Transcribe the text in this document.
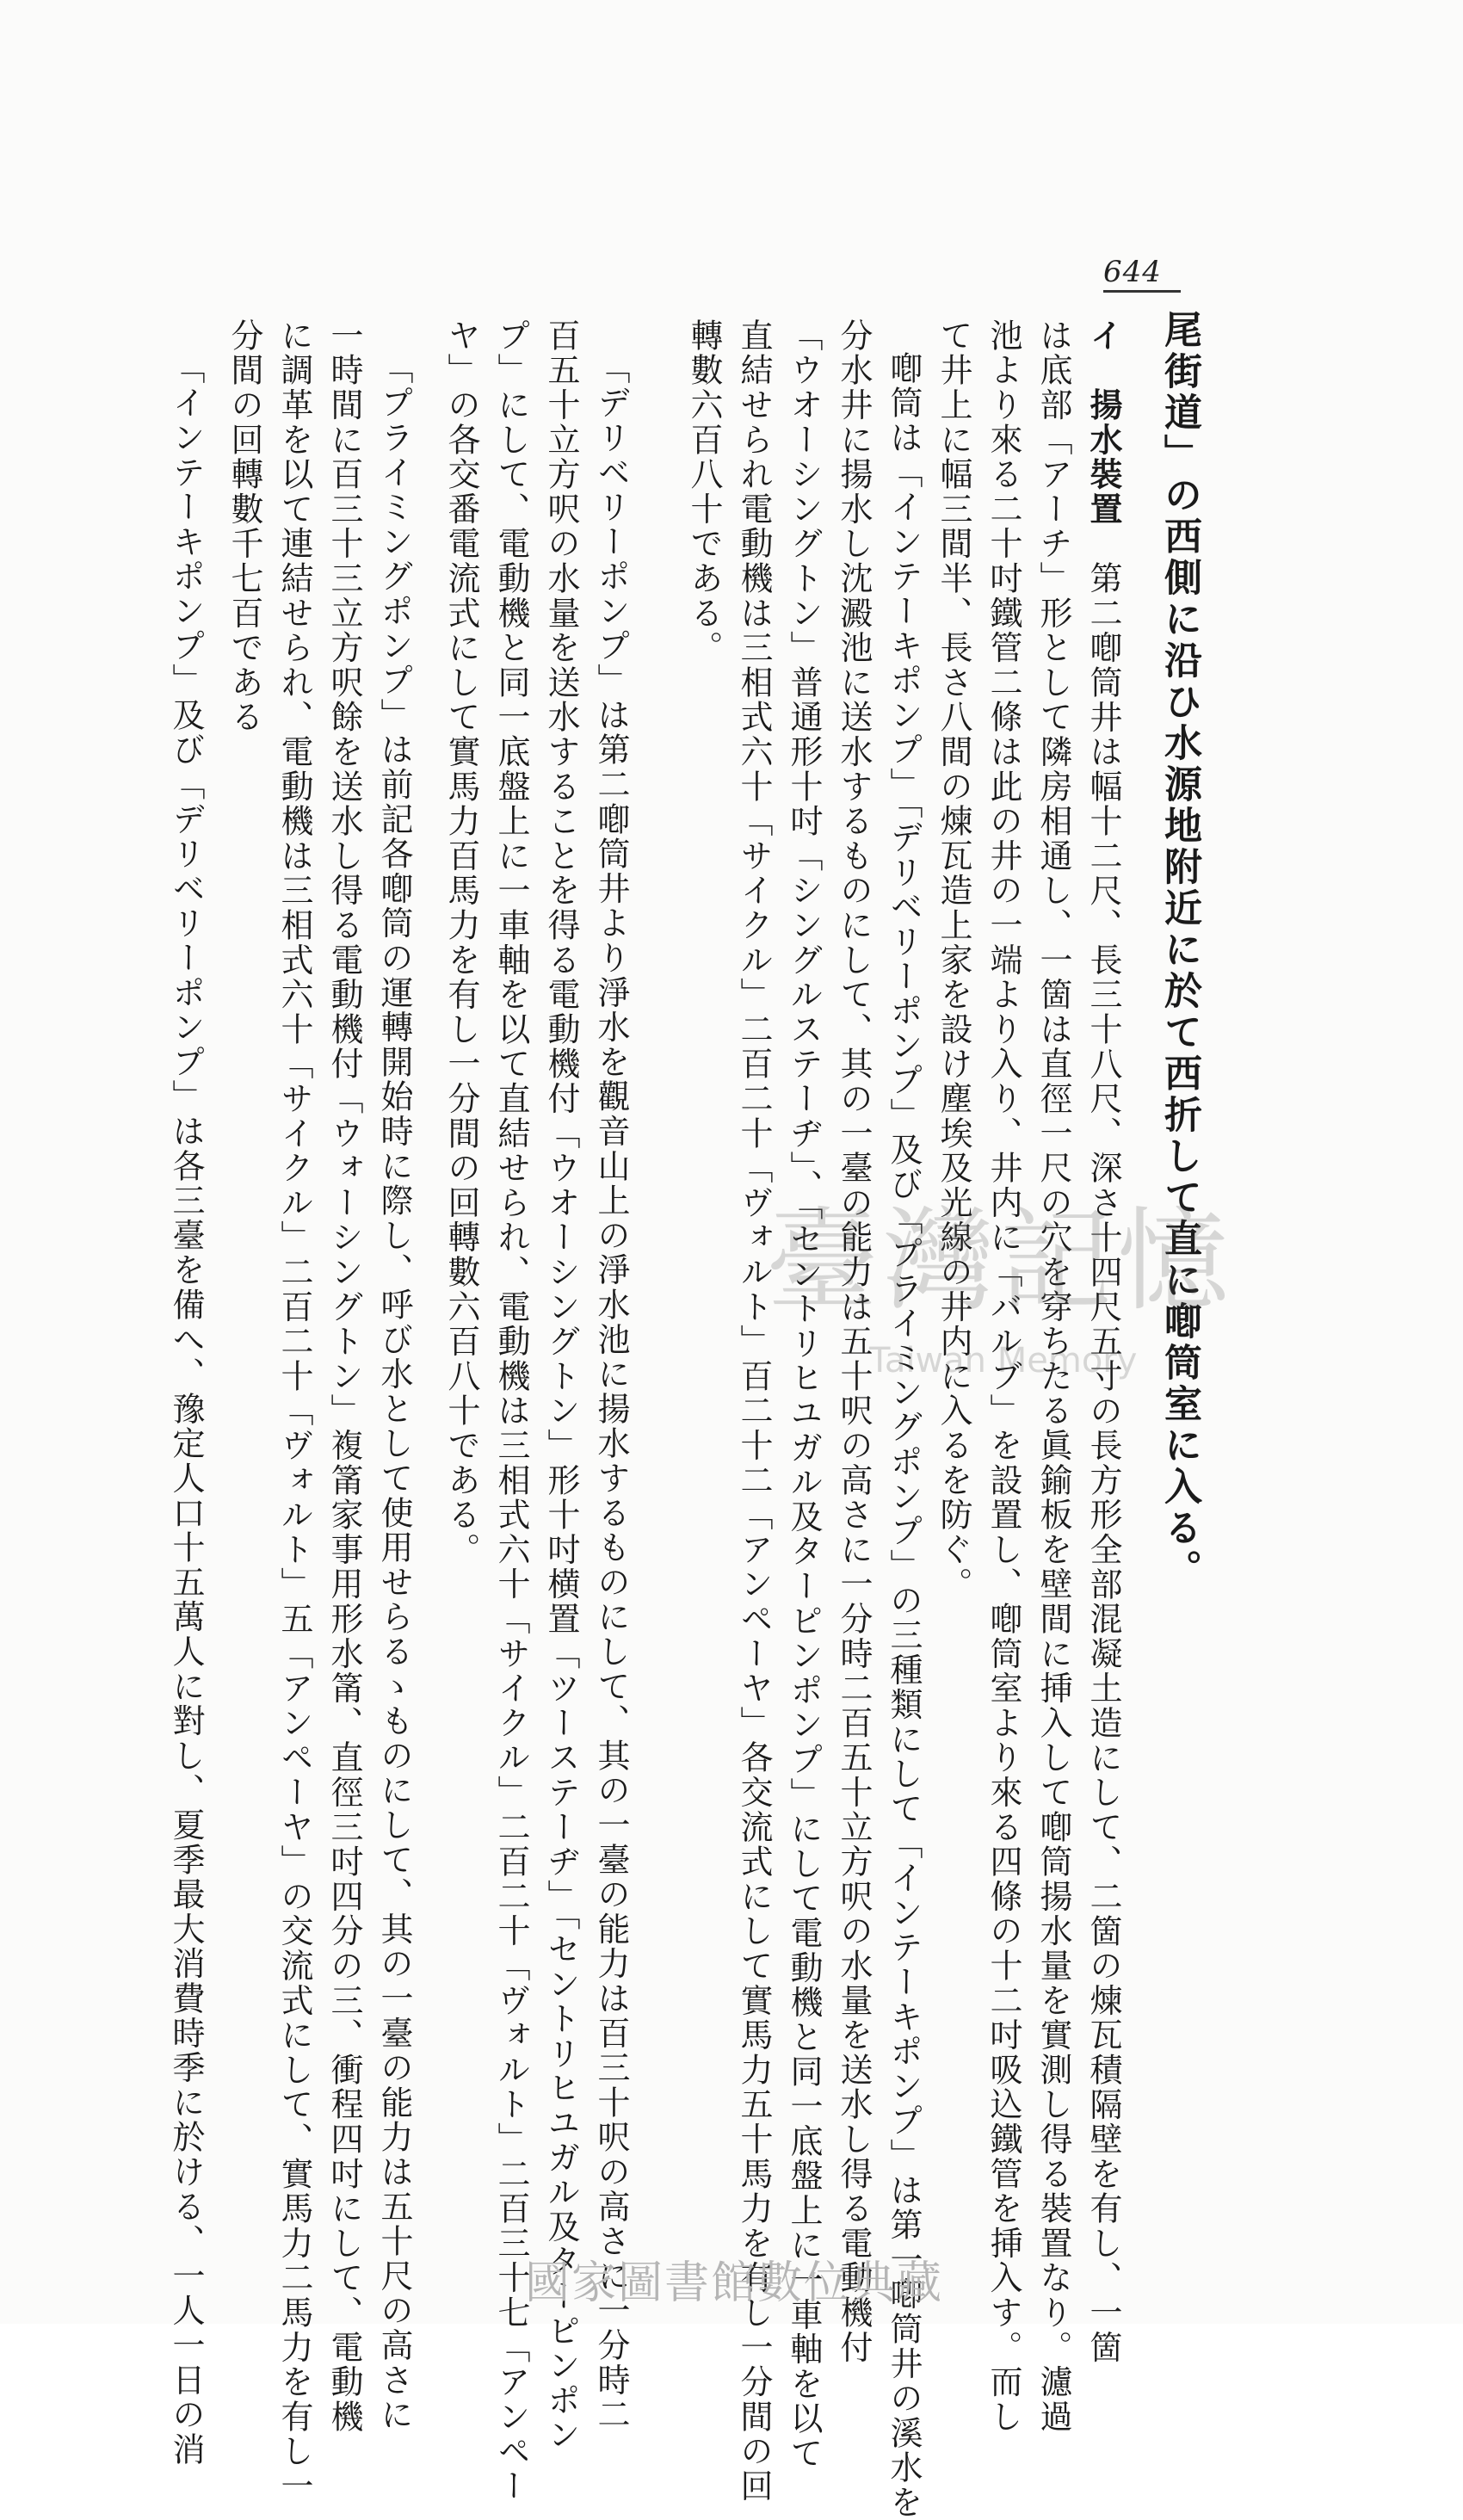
644
尾街道」の西側に沿ひ水源地附近に於て西折して直に喞筒室に入る。
イ　揚水裝置　第二喞筒井は幅十二尺、長三十八尺、深さ十四尺五寸の長方形全部混凝土造にして、二箇の煉瓦積隔壁を有し、一箇
は底部「アーチ」形として隣房相通し、一箇は直徑一尺の穴を穿ちたる眞鍮板を壁間に挿入して喞筒揚水量を實測し得る裝置なり。濾過
池より來る二十吋鐵管二條は此の井の一端より入り、井内に「バルブ」を設置し、喞筒室より來る四條の十二吋吸込鐵管を挿入す。而し
て井上に幅三間半、長さ八間の煉瓦造上家を設け塵埃及光線の井内に入るを防ぐ。
喞筒は「インテーキポンプ」「デリベリーポンプ」及び「プライミングポンプ」の三種類にして「インテーキポンプ」は第一喞筒井の溪水を
分水井に揚水し沈澱池に送水するものにして、其の一臺の能力は五十呎の高さに一分時二百五十立方呎の水量を送水し得る電動機付
「ウオーシングトン」普通形十吋「シングルステーヂ」、「セントリヒユガル及ターピンポンプ」にして電動機と同一底盤上に一車軸を以て
直結せられ電動機は三相式六十「サイクル」二百二十「ヴォルト」百二十二「アンペーヤ」各交流式にして實馬力五十馬力を有し一分間の回
轉數六百八十である。
「デリベリーポンプ」は第二喞筒井より淨水を觀音山上の淨水池に揚水するものにして、其の一臺の能力は百三十呎の高さに一分時二
百五十立方呎の水量を送水することを得る電動機付「ウオーシングトン」形十吋横置「ツーステーヂ」「セントリヒユガル及ターピンポン
プ」にして、電動機と同一底盤上に一車軸を以て直結せられ、電動機は三相式六十「サイクル」二百二十「ヴォルト」二百三十七「アンペー
ヤ」の各交番電流式にして實馬力百馬力を有し一分間の回轉數六百八十である。
「プライミングポンプ」は前記各喞筒の運轉開始時に際し、呼び水として使用せらるゝものにして、其の一臺の能力は五十尺の高さに
一時間に百三十三立方呎餘を送水し得る電動機付「ウォーシングトン」複筩家事用形水筩、直徑三吋四分の三、衝程四吋にして、電動機
に調革を以て連結せられ、電動機は三相式六十「サイクル」二百二十「ヴォルト」五「アンペーヤ」の交流式にして、實馬力二馬力を有し一
分間の回轉數千七百である
「インテーキポンプ」及び「デリベリーポンプ」は各三臺を備へ、豫定人口十五萬人に對し、夏季最大消費時季に於ける、一人一日の消	臺灣記憶
Taiwan Memory
國家圖書館數位典藏
